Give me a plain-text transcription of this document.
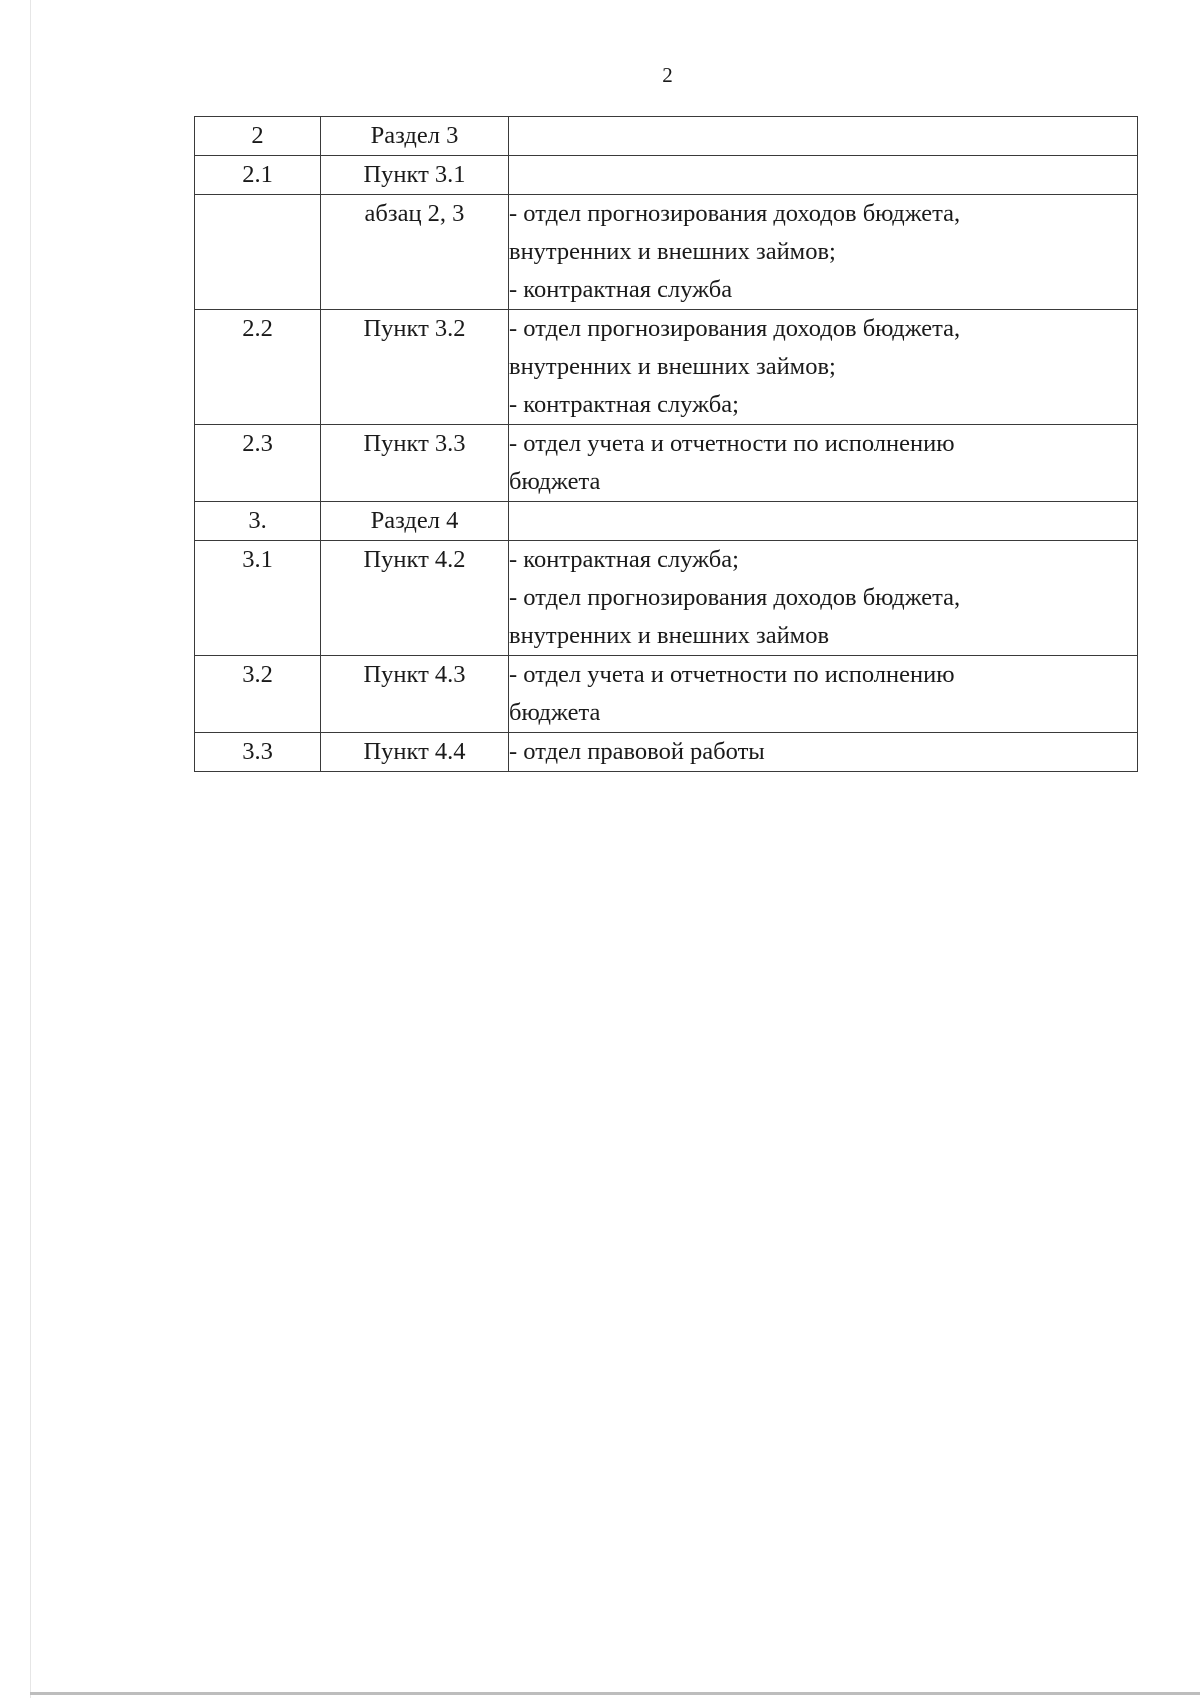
2
2	Раздел 3	
2.1	Пункт 3.1	
	абзац 2, 3	- отдел прогнозирования доходов бюджета,
внутренних и внешних займов;
- контрактная служба

2.2	Пункт 3.2	- отдел прогнозирования доходов бюджета,
внутренних и внешних займов;
- контрактная служба;

2.3	Пункт 3.3	- отдел учета и отчетности по исполнению
бюджета

3.	Раздел 4	
3.1	Пункт 4.2	- контрактная служба;
- отдел прогнозирования доходов бюджета,
внутренних и внешних займов

3.2	Пункт 4.3	- отдел учета и отчетности по исполнению
бюджета

3.3	Пункт 4.4	- отдел правовой работы
